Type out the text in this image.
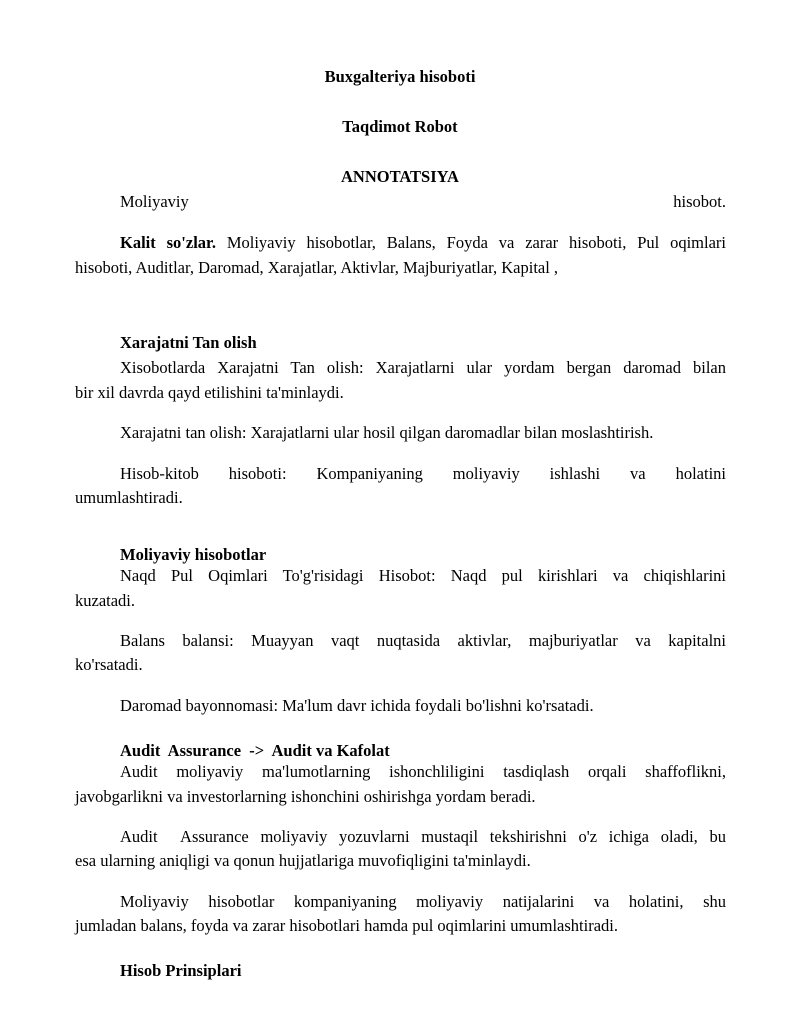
Buxgalteriya hisoboti
Taqdimot Robot
ANNOTATSIYA
Moliyaviy	hisobot.
Kalit so'zlar. Moliyaviy hisobotlar, Balans, Foyda va zarar hisoboti, Pul oqimlari
hisoboti, Auditlar, Daromad, Xarajatlar, Aktivlar, Majburiyatlar, Kapital ,
Xarajatni Tan olish
Xisobotlarda Xarajatni Tan olish: Xarajatlarni ular yordam bergan daromad bilan
bir xil davrda qayd etilishini ta'minlaydi.
Xarajatni tan olish: Xarajatlarni ular hosil qilgan daromadlar bilan moslashtirish.
Hisob-kitob hisoboti: Kompaniyaning moliyaviy ishlashi va holatini
umumlashtiradi.
Moliyaviy hisobotlar
Naqd Pul Oqimlari To'g'risidagi Hisobot: Naqd pul kirishlari va chiqishlarini
kuzatadi.
Balans balansi: Muayyan vaqt nuqtasida aktivlar, majburiyatlar va kapitalni
ko'rsatadi.
Daromad bayonnomasi: Ma'lum davr ichida foydali bo'lishni ko'rsatadi.
Audit  Assurance  ->  Audit va Kafolat
Audit moliyaviy ma'lumotlarning ishonchliligini tasdiqlash orqali shaffoflikni,
javobgarlikni va investorlarning ishonchini oshirishga yordam beradi.
Audit  Assurance moliyaviy yozuvlarni mustaqil tekshirishni o'z ichiga oladi, bu
esa ularning aniqligi va qonun hujjatlariga muvofiqligini ta'minlaydi.
Moliyaviy hisobotlar kompaniyaning moliyaviy natijalarini va holatini, shu
jumladan balans, foyda va zarar hisobotlari hamda pul oqimlarini umumlashtiradi.
Hisob Prinsiplari
